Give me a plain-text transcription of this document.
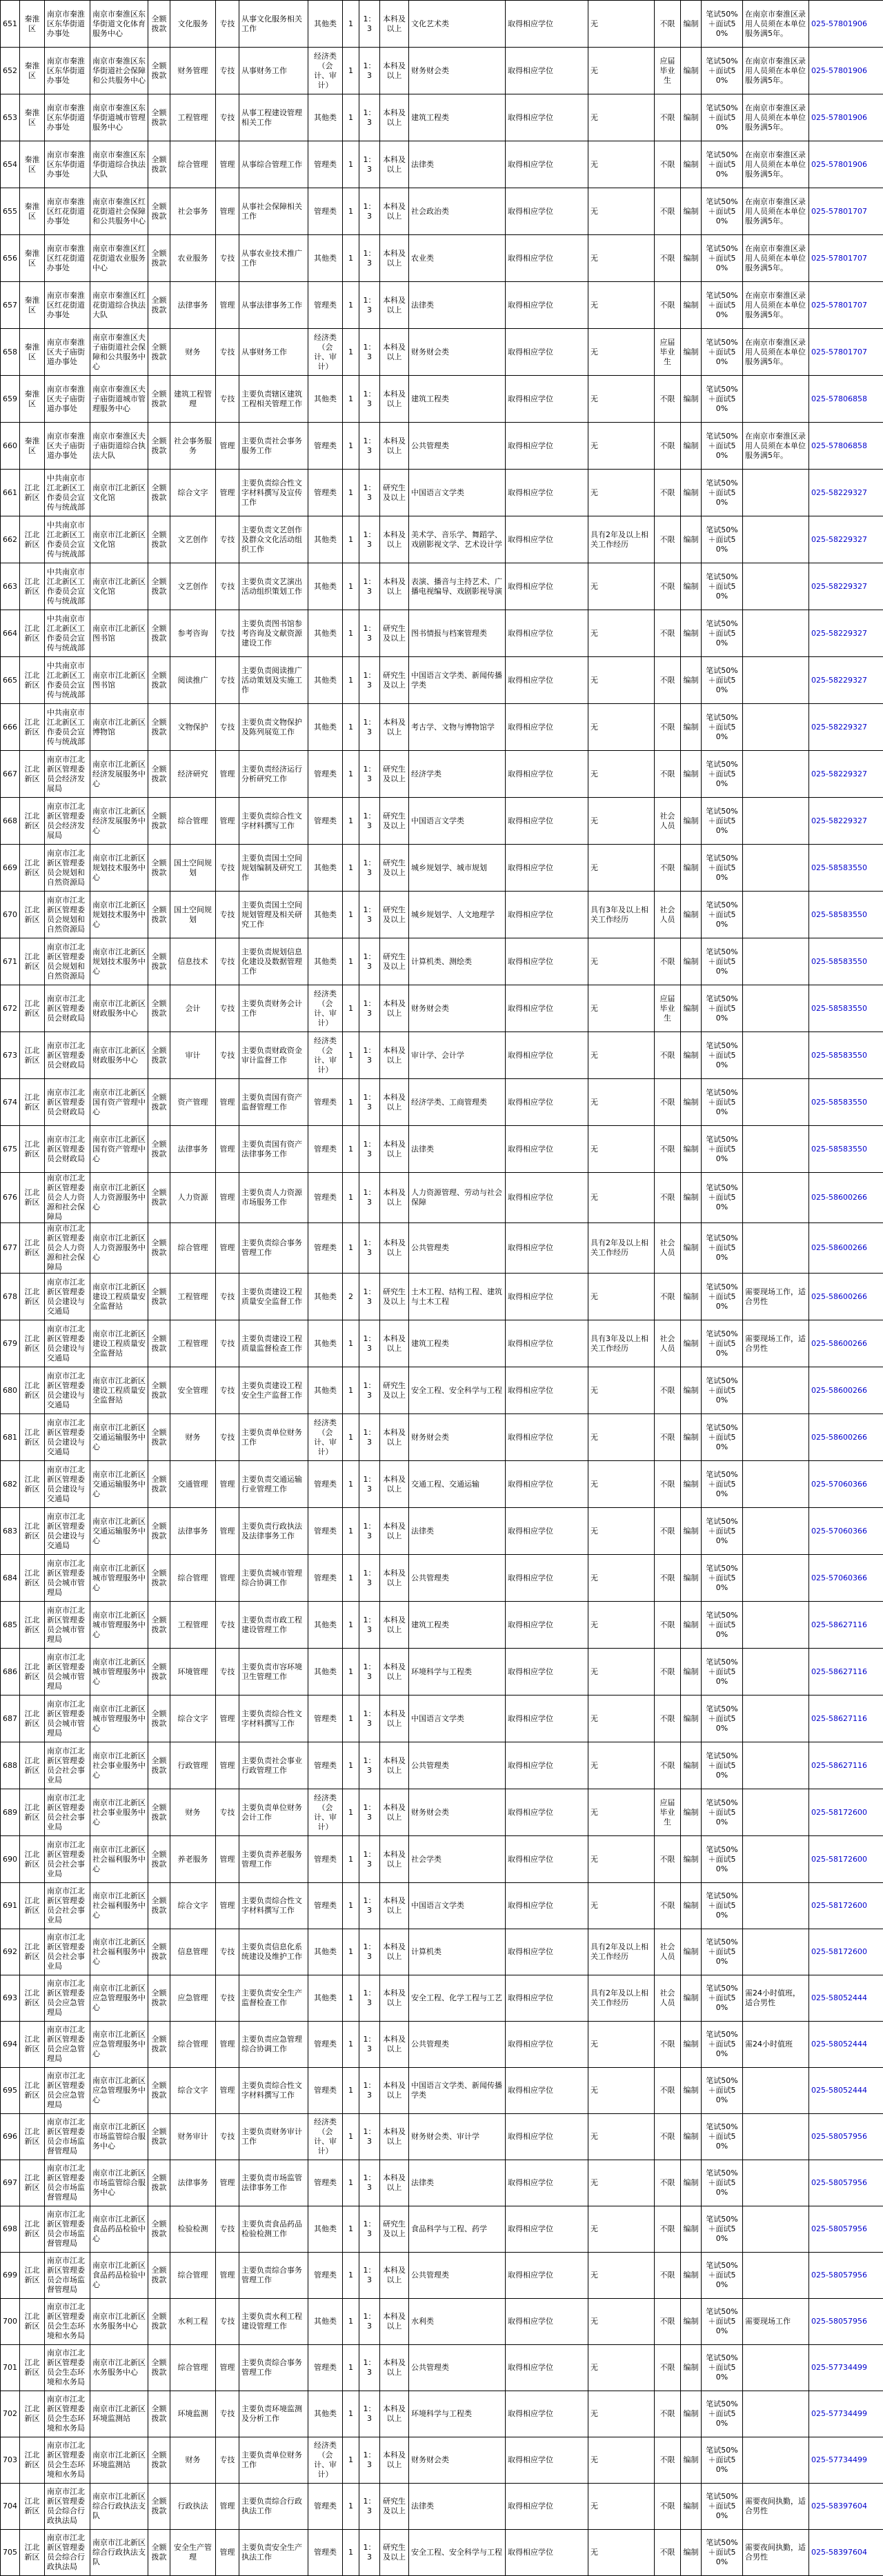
651	秦淮区	南京市秦淮区东华街道办事处	南京市秦淮区东华街道文化体育服务中心	全额拨款	文化服务	专技	从事文化服务相关工作	其他类	1	1：3	本科及以上	文化艺术类	取得相应学位	无	不限	编制	笔试50%＋面试50%	在南京市秦淮区录用人员须在本单位服务满5年。	025-57801906
652	秦淮区	南京市秦淮区东华街道办事处	南京市秦淮区东华街道社会保障和公共服务中心	全额拨款	财务管理	专技	从事财务工作	经济类（会计、审计）	1	1：3	本科及以上	财务财会类	取得相应学位	无	应届毕业生	编制	笔试50%＋面试50%	在南京市秦淮区录用人员须在本单位服务满5年。	025-57801906
653	秦淮区	南京市秦淮区东华街道办事处	南京市秦淮区东华街道城市管理服务中心	全额拨款	工程管理	专技	从事工程建设管理相关工作	其他类	1	1：3	本科及以上	建筑工程类	取得相应学位	无	不限	编制	笔试50%＋面试50%	在南京市秦淮区录用人员须在本单位服务满5年。	025-57801906
654	秦淮区	南京市秦淮区东华街道办事处	南京市秦淮区东华街道综合执法大队	全额拨款	综合管理	管理	从事综合管理工作	管理类	1	1：3	本科及以上	法律类	取得相应学位	无	不限	编制	笔试50%＋面试50%	在南京市秦淮区录用人员须在本单位服务满5年。	025-57801906
655	秦淮区	南京市秦淮区红花街道办事处	南京市秦淮区红花街道社会保障和公共服务中心	全额拨款	社会事务	管理	从事社会保障相关工作	管理类	1	1：3	本科及以上	社会政治类	取得相应学位	无	不限	编制	笔试50%＋面试50%	在南京市秦淮区录用人员须在本单位服务满5年。	025-57801707
656	秦淮区	南京市秦淮区红花街道办事处	南京市秦淮区红花街道农业服务中心	全额拨款	农业服务	专技	从事农业技术推广工作	其他类	1	1：3	本科及以上	农业类	取得相应学位	无	不限	编制	笔试50%＋面试50%	在南京市秦淮区录用人员须在本单位服务满5年。	025-57801707
657	秦淮区	南京市秦淮区红花街道办事处	南京市秦淮区红花街道综合执法大队	全额拨款	法律事务	管理	从事法律事务工作	管理类	1	1：3	本科及以上	法律类	取得相应学位	无	不限	编制	笔试50%＋面试50%	在南京市秦淮区录用人员须在本单位服务满5年。	025-57801707
658	秦淮区	南京市秦淮区夫子庙街道办事处	南京市秦淮区夫子庙街道社会保障和公共服务中心	全额拨款	财务	专技	从事财务工作	经济类（会计、审计）	1	1：3	本科及以上	财务财会类	取得相应学位	无	应届毕业生	编制	笔试50%＋面试50%	在南京市秦淮区录用人员须在本单位服务满5年。	025-57801707
659	秦淮区	南京市秦淮区夫子庙街道办事处	南京市秦淮区夫子庙街道城市管理服务中心	全额拨款	建筑工程管理	专技	主要负责辖区建筑工程相关管理工作	其他类	1	1：3	本科及以上	建筑工程类	取得相应学位	无	不限	编制	笔试50%＋面试50%		025-57806858
660	秦淮区	南京市秦淮区夫子庙街道办事处	南京市秦淮区夫子庙街道综合执法大队	全额拨款	社会事务服务	管理	主要负责社会事务服务工作	管理类	1	1：3	本科及以上	公共管理类	取得相应学位	无	不限	编制	笔试50%＋面试50%	在南京市秦淮区录用人员须在本单位服务满5年。	025-57806858
661	江北新区	中共南京市江北新区工作委员会宣传与统战部	南京市江北新区文化馆	全额拨款	综合文字	管理	主要负责综合性文字材料撰写及宣传工作	管理类	1	1：3	研究生及以上	中国语言文学类	取得相应学位	无	不限	编制	笔试50%＋面试50%		025-58229327
662	江北新区	中共南京市江北新区工作委员会宣传与统战部	南京市江北新区文化馆	全额拨款	文艺创作	专技	主要负责文艺创作及群众文化活动组织工作	其他类	1	1：3	本科及以上	美术学、音乐学、舞蹈学、戏剧影视文学、艺术设计学	取得相应学位	具有2年及以上相关工作经历	不限	编制	笔试50%＋面试50%		025-58229327
663	江北新区	中共南京市江北新区工作委员会宣传与统战部	南京市江北新区文化馆	全额拨款	文艺创作	专技	主要负责文艺演出活动组织策划工作	其他类	1	1：3	本科及以上	表演、播音与主持艺术、广播电视编导、戏剧影视导演	取得相应学位	无	不限	编制	笔试50%＋面试50%		025-58229327
664	江北新区	中共南京市江北新区工作委员会宣传与统战部	南京市江北新区图书馆	全额拨款	参考咨询	专技	主要负责图书馆参考咨询及文献资源建设工作	其他类	1	1：3	研究生及以上	图书情报与档案管理类	取得相应学位	无	不限	编制	笔试50%＋面试50%		025-58229327
665	江北新区	中共南京市江北新区工作委员会宣传与统战部	南京市江北新区图书馆	全额拨款	阅读推广	专技	主要负责阅读推广活动策划及实施工作	其他类	1	1：3	研究生及以上	中国语言文学类、新闻传播学类	取得相应学位	无	不限	编制	笔试50%＋面试50%		025-58229327
666	江北新区	中共南京市江北新区工作委员会宣传与统战部	南京市江北新区博物馆	全额拨款	文物保护	专技	主要负责文物保护及陈列展览工作	其他类	1	1：3	本科及以上	考古学、文物与博物馆学	取得相应学位	无	不限	编制	笔试50%＋面试50%		025-58229327
667	江北新区	南京市江北新区管理委员会经济发展局	南京市江北新区经济发展服务中心	全额拨款	经济研究	管理	主要负责经济运行分析研究工作	管理类	1	1：3	研究生及以上	经济学类	取得相应学位	无	不限	编制	笔试50%＋面试50%		025-58229327
668	江北新区	南京市江北新区管理委员会经济发展局	南京市江北新区经济发展服务中心	全额拨款	综合管理	管理	主要负责综合性文字材料撰写工作	管理类	1	1：3	研究生及以上	中国语言文学类	取得相应学位	无	社会人员	编制	笔试50%＋面试50%		025-58229327
669	江北新区	南京市江北新区管理委员会规划和自然资源局	南京市江北新区规划技术服务中心	全额拨款	国土空间规划	专技	主要负责国土空间规划编制及研究工作	其他类	1	1：3	研究生及以上	城乡规划学、城市规划	取得相应学位	无	不限	编制	笔试50%＋面试50%		025-58583550
670	江北新区	南京市江北新区管理委员会规划和自然资源局	南京市江北新区规划技术服务中心	全额拨款	国土空间规划	专技	主要负责国土空间规划管理及相关研究工作	其他类	1	1：3	研究生及以上	城乡规划学、人文地理学	取得相应学位	具有3年及以上相关工作经历	社会人员	编制	笔试50%＋面试50%		025-58583550
671	江北新区	南京市江北新区管理委员会规划和自然资源局	南京市江北新区规划技术服务中心	全额拨款	信息技术	专技	主要负责规划信息化建设及数据管理工作	其他类	1	1：3	研究生及以上	计算机类、测绘类	取得相应学位	无	不限	编制	笔试50%＋面试50%		025-58583550
672	江北新区	南京市江北新区管理委员会财政局	南京市江北新区财政服务中心	全额拨款	会计	专技	主要负责财务会计工作	经济类（会计、审计）	1	1：3	本科及以上	财务财会类	取得相应学位	无	应届毕业生	编制	笔试50%＋面试50%		025-58583550
673	江北新区	南京市江北新区管理委员会财政局	南京市江北新区财政服务中心	全额拨款	审计	专技	主要负责财政资金审计监督工作	经济类（会计、审计）	1	1：3	本科及以上	审计学、会计学	取得相应学位	无	不限	编制	笔试50%＋面试50%		025-58583550
674	江北新区	南京市江北新区管理委员会财政局	南京市江北新区国有资产管理中心	全额拨款	资产管理	管理	主要负责国有资产监督管理工作	管理类	1	1：3	本科及以上	经济学类、工商管理类	取得相应学位	无	不限	编制	笔试50%＋面试50%		025-58583550
675	江北新区	南京市江北新区管理委员会财政局	南京市江北新区国有资产管理中心	全额拨款	法律事务	管理	主要负责国有资产法律事务工作	管理类	1	1：3	本科及以上	法律类	取得相应学位	无	不限	编制	笔试50%＋面试50%		025-58583550
676	江北新区	南京市江北新区管理委员会人力资源和社会保障局	南京市江北新区人力资源服务中心	全额拨款	人力资源	管理	主要负责人力资源市场服务工作	管理类	1	1：3	本科及以上	人力资源管理、劳动与社会保障	取得相应学位	无	不限	编制	笔试50%＋面试50%		025-58600266
677	江北新区	南京市江北新区管理委员会人力资源和社会保障局	南京市江北新区人力资源服务中心	全额拨款	综合管理	管理	主要负责综合事务管理工作	管理类	1	1：3	本科及以上	公共管理类	取得相应学位	具有2年及以上相关工作经历	社会人员	编制	笔试50%＋面试50%		025-58600266
678	江北新区	南京市江北新区管理委员会建设与交通局	南京市江北新区建设工程质量安全监督站	全额拨款	工程管理	专技	主要负责建设工程质量安全监督工作	其他类	2	1：3	研究生及以上	土木工程、结构工程、建筑与土木工程	取得相应学位	无	不限	编制	笔试50%＋面试50%	需要现场工作，适合男性	025-58600266
679	江北新区	南京市江北新区管理委员会建设与交通局	南京市江北新区建设工程质量安全监督站	全额拨款	工程管理	专技	主要负责建设工程质量监督检查工作	其他类	1	1：3	本科及以上	建筑工程类	取得相应学位	具有3年及以上相关工作经历	社会人员	编制	笔试50%＋面试50%	需要现场工作，适合男性	025-58600266
680	江北新区	南京市江北新区管理委员会建设与交通局	南京市江北新区建设工程质量安全监督站	全额拨款	安全管理	专技	主要负责建设工程安全生产监督工作	其他类	1	1：3	研究生及以上	安全工程、安全科学与工程	取得相应学位	无	不限	编制	笔试50%＋面试50%		025-58600266
681	江北新区	南京市江北新区管理委员会建设与交通局	南京市江北新区交通运输服务中心	全额拨款	财务	专技	主要负责单位财务工作	经济类（会计、审计）	1	1：3	本科及以上	财务财会类	取得相应学位	无	不限	编制	笔试50%＋面试50%		025-58600266
682	江北新区	南京市江北新区管理委员会建设与交通局	南京市江北新区交通运输服务中心	全额拨款	交通管理	管理	主要负责交通运输行业管理工作	管理类	1	1：3	本科及以上	交通工程、交通运输	取得相应学位	无	不限	编制	笔试50%＋面试50%		025-57060366
683	江北新区	南京市江北新区管理委员会建设与交通局	南京市江北新区交通运输服务中心	全额拨款	法律事务	管理	主要负责行政执法及法律事务工作	管理类	1	1：3	本科及以上	法律类	取得相应学位	无	不限	编制	笔试50%＋面试50%		025-57060366
684	江北新区	南京市江北新区管理委员会城市管理局	南京市江北新区城市管理服务中心	全额拨款	综合管理	管理	主要负责城市管理综合协调工作	管理类	1	1：3	本科及以上	公共管理类	取得相应学位	无	不限	编制	笔试50%＋面试50%		025-57060366
685	江北新区	南京市江北新区管理委员会城市管理局	南京市江北新区城市管理服务中心	全额拨款	工程管理	专技	主要负责市政工程建设管理工作	其他类	1	1：3	本科及以上	建筑工程类	取得相应学位	无	不限	编制	笔试50%＋面试50%		025-58627116
686	江北新区	南京市江北新区管理委员会城市管理局	南京市江北新区城市管理服务中心	全额拨款	环境管理	专技	主要负责市容环境卫生管理工作	其他类	1	1：3	本科及以上	环境科学与工程类	取得相应学位	无	不限	编制	笔试50%＋面试50%		025-58627116
687	江北新区	南京市江北新区管理委员会城市管理局	南京市江北新区城市管理服务中心	全额拨款	综合文字	管理	主要负责综合性文字材料撰写工作	管理类	1	1：3	本科及以上	中国语言文学类	取得相应学位	无	不限	编制	笔试50%＋面试50%		025-58627116
688	江北新区	南京市江北新区管理委员会社会事业局	南京市江北新区社会事业服务中心	全额拨款	行政管理	管理	主要负责社会事业行政管理工作	管理类	1	1：3	本科及以上	公共管理类	取得相应学位	无	不限	编制	笔试50%＋面试50%		025-58627116
689	江北新区	南京市江北新区管理委员会社会事业局	南京市江北新区社会事业服务中心	全额拨款	财务	专技	主要负责单位财务会计工作	经济类（会计、审计）	1	1：3	本科及以上	财务财会类	取得相应学位	无	应届毕业生	编制	笔试50%＋面试50%		025-58172600
690	江北新区	南京市江北新区管理委员会社会事业局	南京市江北新区社会福利服务中心	全额拨款	养老服务	管理	主要负责养老服务管理工作	管理类	1	1：3	本科及以上	社会学类	取得相应学位	无	不限	编制	笔试50%＋面试50%		025-58172600
691	江北新区	南京市江北新区管理委员会社会事业局	南京市江北新区社会福利服务中心	全额拨款	综合文字	管理	主要负责综合性文字材料撰写工作	管理类	1	1：3	本科及以上	中国语言文学类	取得相应学位	无	不限	编制	笔试50%＋面试50%		025-58172600
692	江北新区	南京市江北新区管理委员会社会事业局	南京市江北新区社会福利服务中心	全额拨款	信息管理	专技	主要负责信息化系统建设及维护工作	其他类	1	1：3	本科及以上	计算机类	取得相应学位	具有2年及以上相关工作经历	社会人员	编制	笔试50%＋面试50%		025-58172600
693	江北新区	南京市江北新区管理委员会应急管理局	南京市江北新区应急管理服务中心	全额拨款	应急管理	专技	主要负责安全生产监督检查工作	其他类	1	1：3	本科及以上	安全工程、化学工程与工艺	取得相应学位	具有2年及以上相关工作经历	社会人员	编制	笔试50%＋面试50%	需24小时值班，适合男性	025-58052444
694	江北新区	南京市江北新区管理委员会应急管理局	南京市江北新区应急管理服务中心	全额拨款	综合管理	管理	主要负责应急管理综合协调工作	管理类	1	1：3	本科及以上	公共管理类	取得相应学位	无	不限	编制	笔试50%＋面试50%	需24小时值班	025-58052444
695	江北新区	南京市江北新区管理委员会应急管理局	南京市江北新区应急管理服务中心	全额拨款	综合文字	管理	主要负责综合性文字材料撰写工作	管理类	1	1：3	本科及以上	中国语言文学类、新闻传播学类	取得相应学位	无	不限	编制	笔试50%＋面试50%		025-58052444
696	江北新区	南京市江北新区管理委员会市场监督管理局	南京市江北新区市场监管综合服务中心	全额拨款	财务审计	专技	主要负责财务审计工作	经济类（会计、审计）	1	1：3	本科及以上	财务财会类、审计学	取得相应学位	无	不限	编制	笔试50%＋面试50%		025-58057956
697	江北新区	南京市江北新区管理委员会市场监督管理局	南京市江北新区市场监管综合服务中心	全额拨款	法律事务	管理	主要负责市场监管法律事务工作	管理类	1	1：3	本科及以上	法律类	取得相应学位	无	不限	编制	笔试50%＋面试50%		025-58057956
698	江北新区	南京市江北新区管理委员会市场监督管理局	南京市江北新区食品药品检验中心	全额拨款	检验检测	专技	主要负责食品药品检验检测工作	其他类	1	1：3	研究生及以上	食品科学与工程、药学	取得相应学位	无	不限	编制	笔试50%＋面试50%		025-58057956
699	江北新区	南京市江北新区管理委员会市场监督管理局	南京市江北新区食品药品检验中心	全额拨款	综合管理	管理	主要负责综合事务管理工作	管理类	1	1：3	本科及以上	公共管理类	取得相应学位	无	不限	编制	笔试50%＋面试50%		025-58057956
700	江北新区	南京市江北新区管理委员会生态环境和水务局	南京市江北新区水务服务中心	全额拨款	水利工程	专技	主要负责水利工程建设管理工作	其他类	1	1：3	本科及以上	水利类	取得相应学位	无	不限	编制	笔试50%＋面试50%	需要现场工作	025-58057956
701	江北新区	南京市江北新区管理委员会生态环境和水务局	南京市江北新区水务服务中心	全额拨款	综合管理	管理	主要负责综合事务管理工作	管理类	1	1：3	本科及以上	公共管理类	取得相应学位	无	不限	编制	笔试50%＋面试50%		025-57734499
702	江北新区	南京市江北新区管理委员会生态环境和水务局	南京市江北新区环境监测站	全额拨款	环境监测	专技	主要负责环境监测及分析工作	其他类	1	1：3	本科及以上	环境科学与工程类	取得相应学位	无	不限	编制	笔试50%＋面试50%		025-57734499
703	江北新区	南京市江北新区管理委员会生态环境和水务局	南京市江北新区环境监测站	全额拨款	财务	专技	主要负责单位财务工作	经济类（会计、审计）	1	1：3	本科及以上	财务财会类	取得相应学位	无	不限	编制	笔试50%＋面试50%		025-57734499
704	江北新区	南京市江北新区管理委员会综合行政执法局	南京市江北新区综合行政执法支队	全额拨款	行政执法	管理	主要负责综合行政执法工作	管理类	1	1：3	研究生及以上	法律类	取得相应学位	无	不限	编制	笔试50%＋面试50%	需要夜间执勤，适合男性	025-58397604
705	江北新区	南京市江北新区管理委员会综合行政执法局	南京市江北新区综合行政执法支队	全额拨款	安全生产管理	管理	主要负责安全生产执法工作	管理类	1	1：3	研究生及以上	安全工程、安全科学与工程	取得相应学位	无	不限	编制	笔试50%＋面试50%	需要夜间执勤，适合男性	025-58397604
